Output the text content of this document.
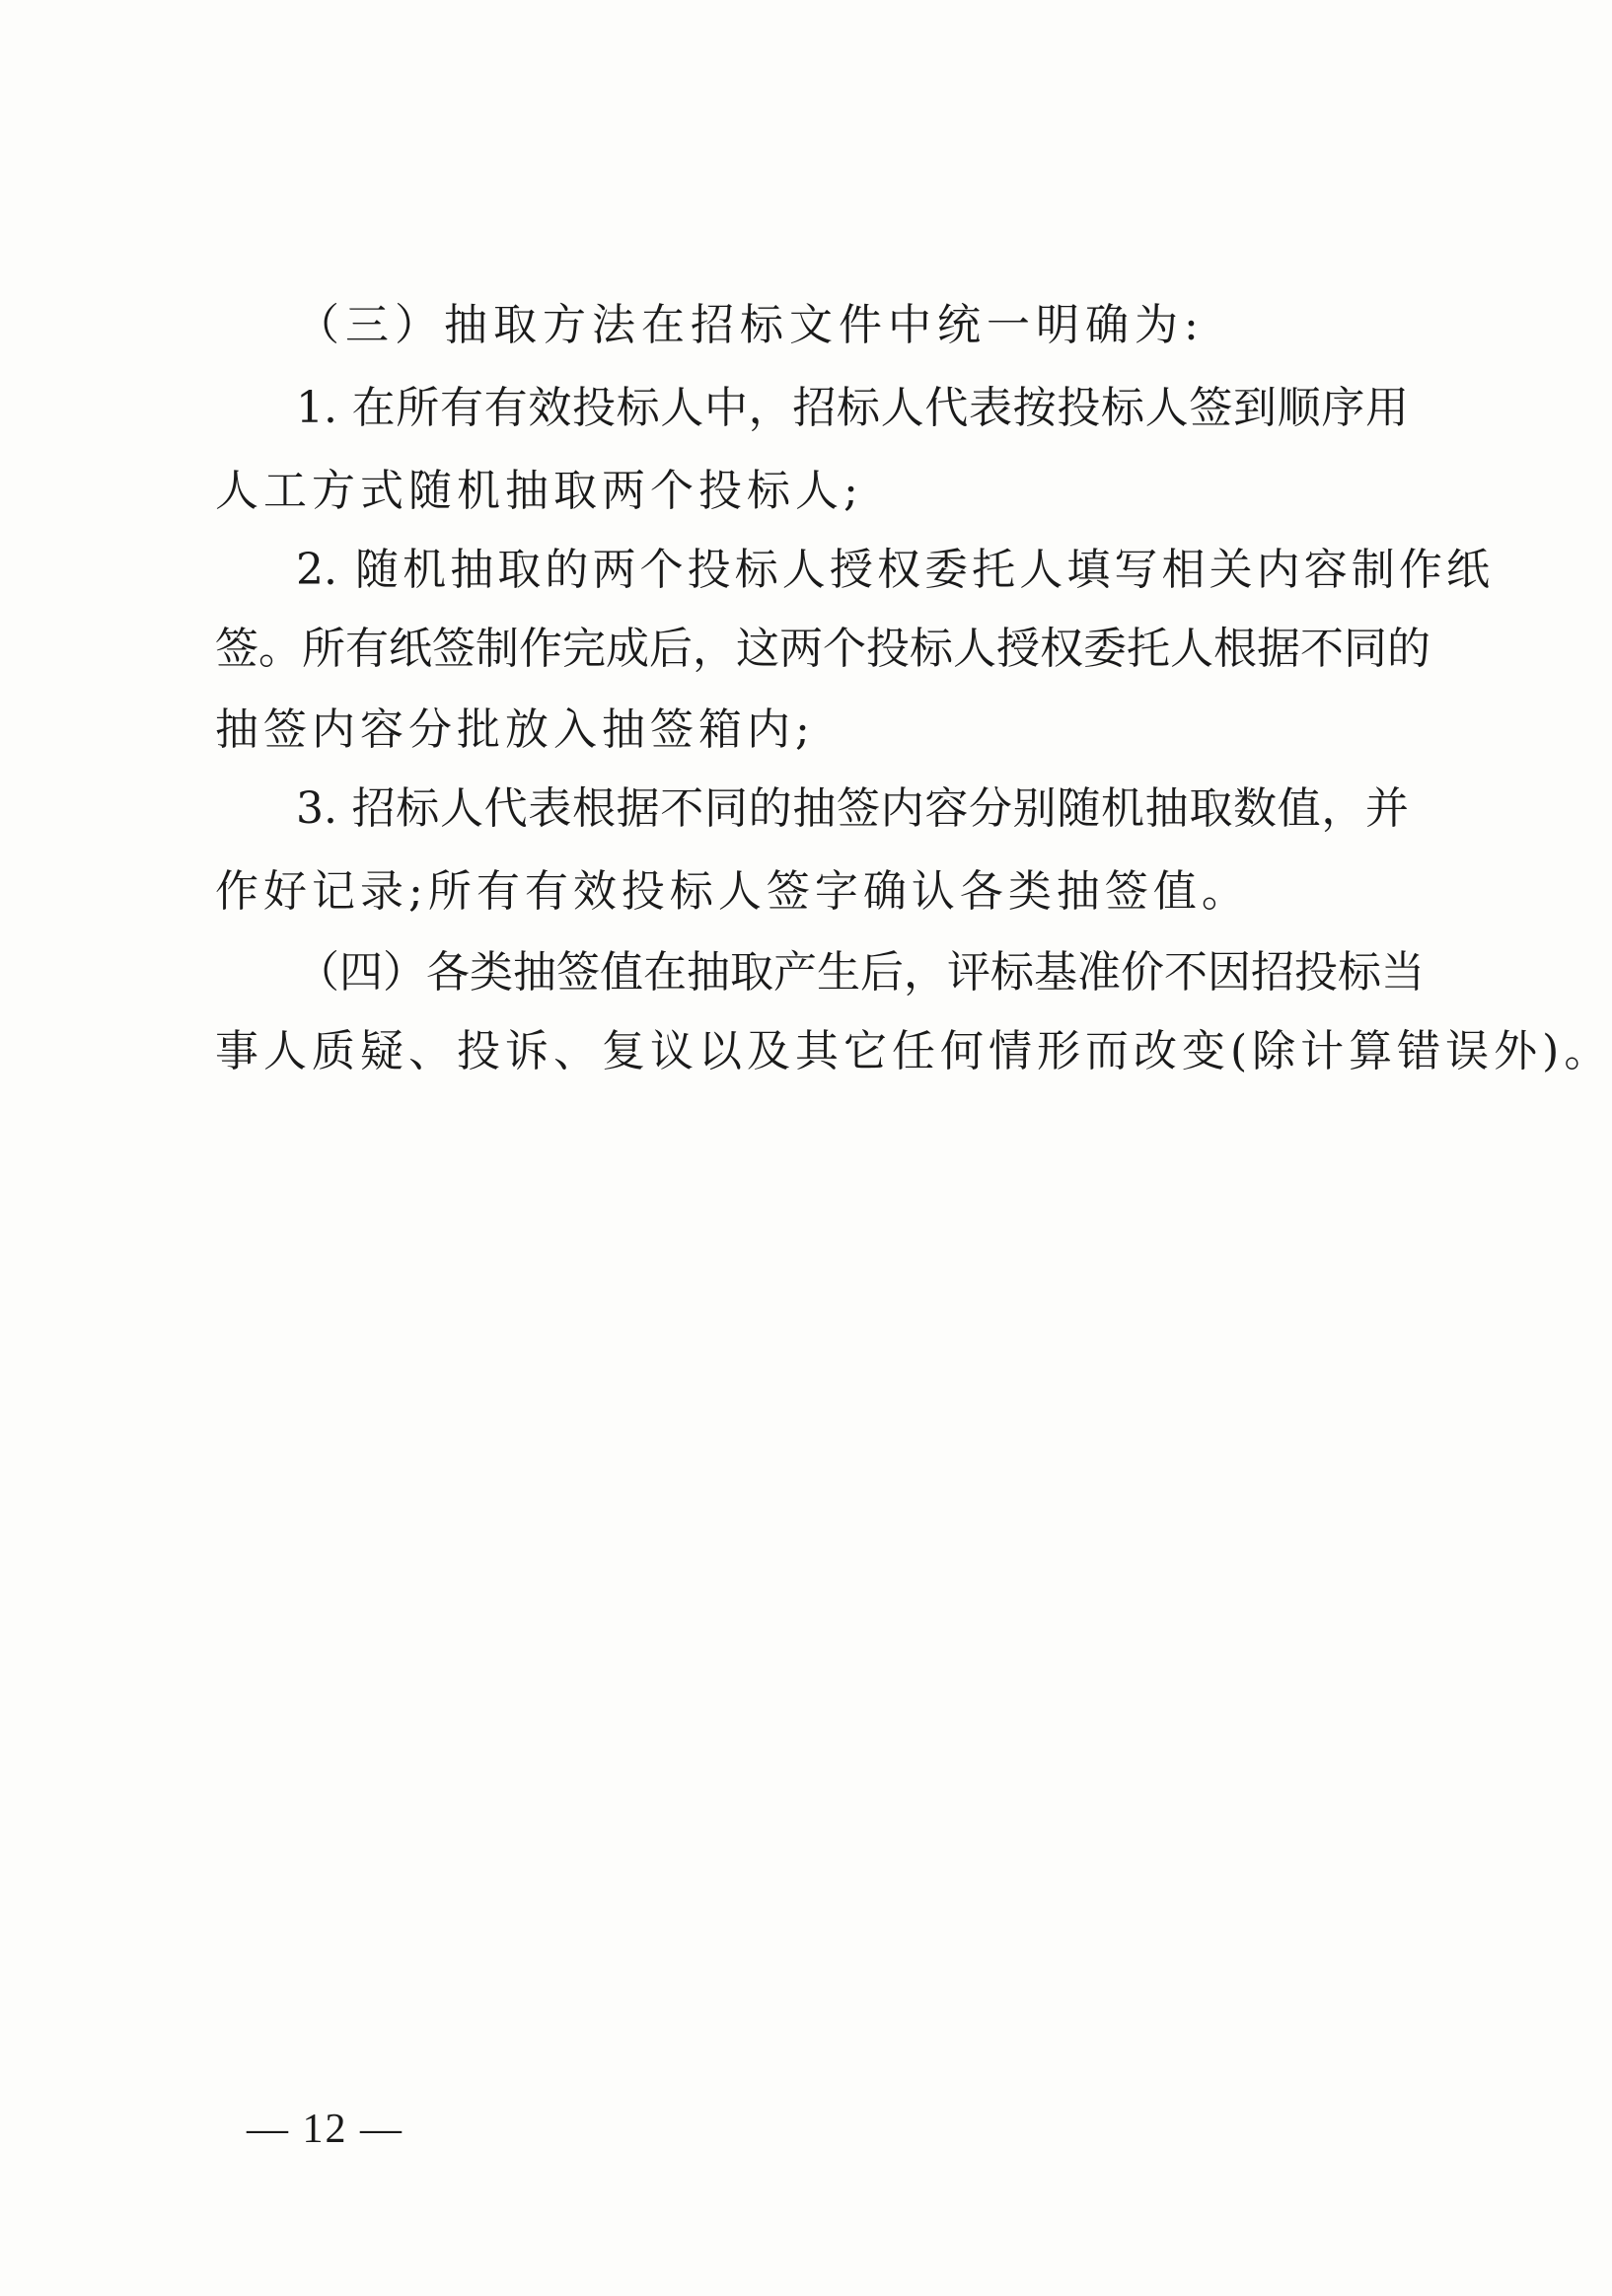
（三）抽取方法在招标文件中统一明确为:
1. 在所有有效投标人中，招标人代表按投标人签到顺序用
人工方式随机抽取两个投标人;
2. 随机抽取的两个投标人授权委托人填写相关内容制作纸
签。所有纸签制作完成后，这两个投标人授权委托人根据不同的
抽签内容分批放入抽签箱内;
3. 招标人代表根据不同的抽签内容分别随机抽取数值，并
作好记录;所有有效投标人签字确认各类抽签值。
（四）各类抽签值在抽取产生后，评标基准价不因招投标当
事人质疑、投诉、复议以及其它任何情形而改变(除计算错误外)。
— 12 —
